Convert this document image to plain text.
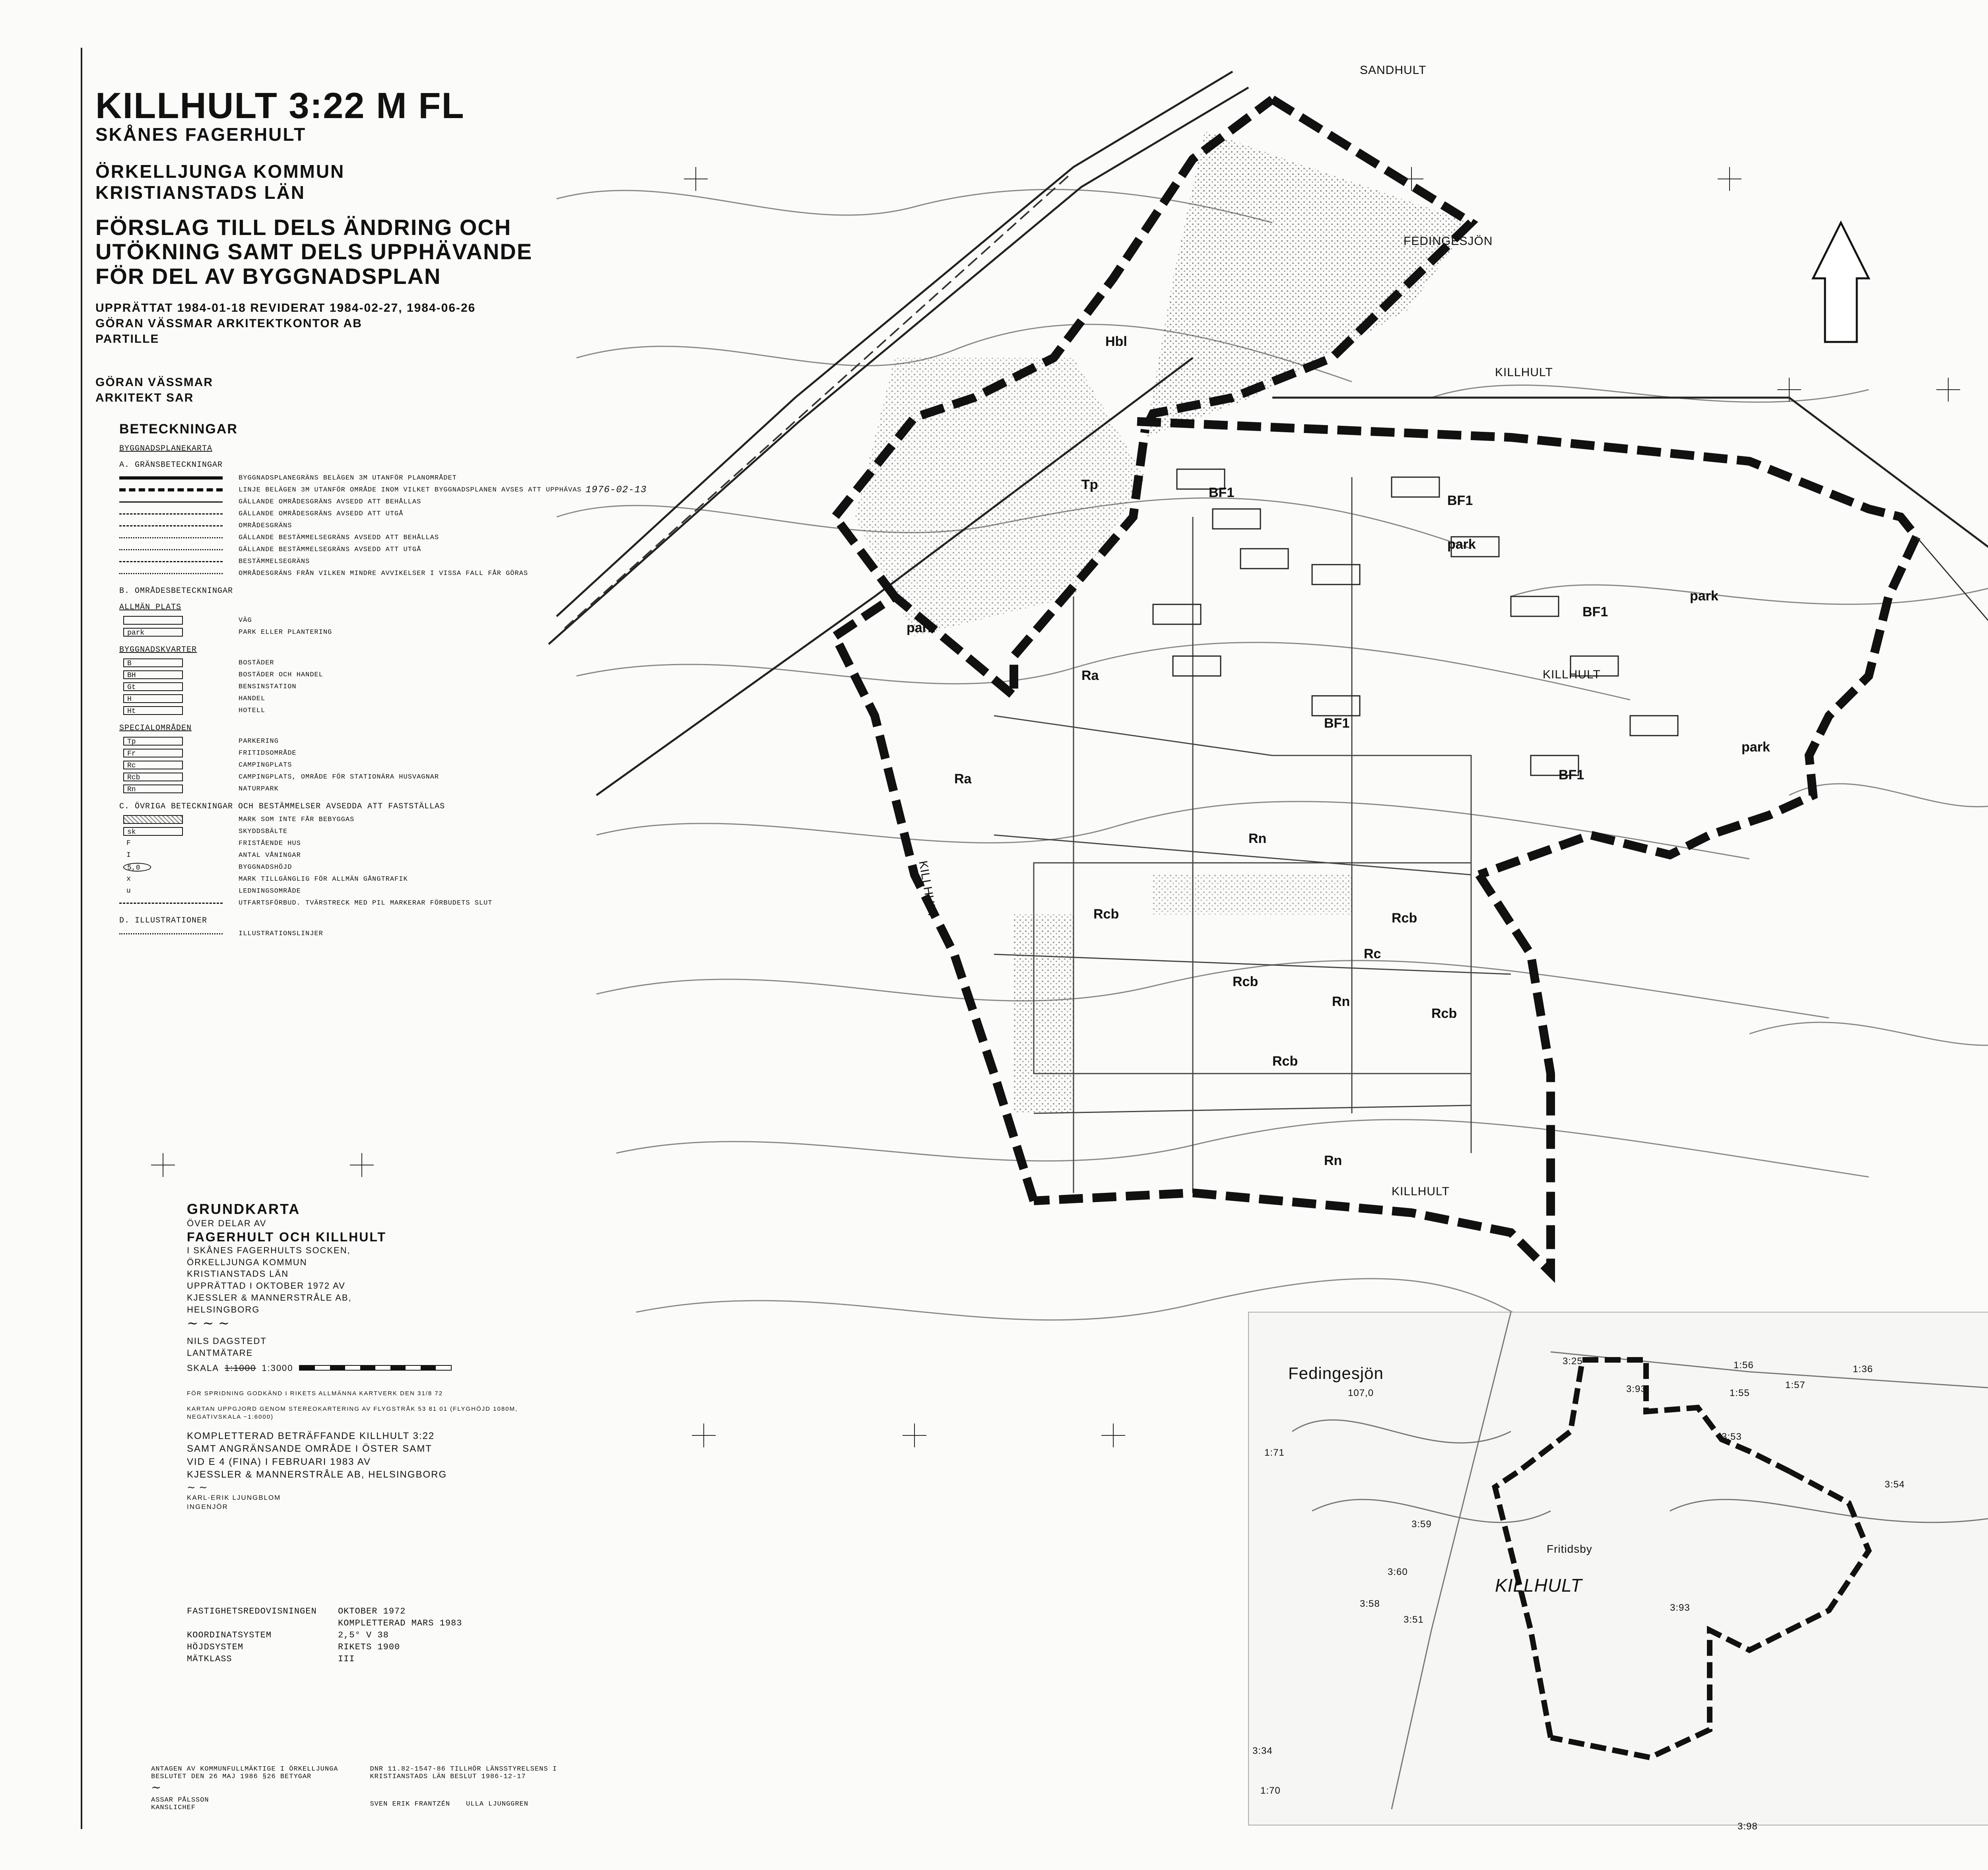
SANDHULT
FEDINGESJÖN
KILLHULT
KILLHULT
KILLHULT
KILLHULT
Ra
Ra
Rn
Rn
Rn
Rcb	Rcb
Rcb
Rcb
Rcb
Rc
Tp
Hbl
BF1
BF1
BF1
BF1
BF1
park
park
park
park
Fedingesjön
107,0
KILLHULT
Fritidsby
1:57
1:56
1:55
1:36
3:25
3:93
3:53
3:54
3:59
3:60
3:58
3:51
3:93
3:34
3:98
1:70
1:71
KILLHULT 3:22 M FL
SKÅNES FAGERHULT
ÖRKELLJUNGA KOMMUN
KRISTIANSTADS LÄN
FÖRSLAG TILL DELS ÄNDRING OCH
UTÖKNING SAMT DELS UPPHÄVANDE
FÖR DEL AV BYGGNADSPLAN
UPPRÄTTAT 1984-01-18 REVIDERAT 1984-02-27, 1984-06-26
GÖRAN VÄSSMAR ARKITEKTKONTOR AB
PARTILLE
GÖRAN VÄSSMAR
ARKITEKT SAR
BETECKNINGAR
BYGGNADSPLANEKARTA
A. GRÄNSBETECKNINGAR
BYGGNADSPLANEGRÄNS BELÄGEN 3M UTANFÖR PLANOMRÅDET
LINJE BELÄGEN 3M UTANFÖR OMRÅDE INOM VILKET BYGGNADSPLANEN AVSES ATT UPPHÄVAS 1976-02-13
GÄLLANDE OMRÅDESGRÄNS AVSEDD ATT BEHÅLLAS
GÄLLANDE OMRÅDESGRÄNS AVSEDD ATT UTGÅ
OMRÅDESGRÄNS
GÄLLANDE BESTÄMMELSEGRÄNS AVSEDD ATT BEHÅLLAS
GÄLLANDE BESTÄMMELSEGRÄNS AVSEDD ATT UTGÅ
BESTÄMMELSEGRÄNS
OMRÅDESGRÄNS FRÅN VILKEN MINDRE AVVIKELSER I VISSA FALL FÅR GÖRAS
B. OMRÅDESBETECKNINGAR
ALLMÄN PLATS
VÄG
park	PARK ELLER PLANTERING
BYGGNADSKVARTER
B	BOSTÄDER
BH	BOSTÄDER OCH HANDEL
Gt	BENSINSTATION
H	HANDEL
Ht	HOTELL
SPECIALOMRÅDEN
Tp	PARKERING
Fr	FRITIDSOMRÅDE
Rc	CAMPINGPLATS
Rcb	CAMPINGPLATS, OMRÅDE FÖR STATIONÄRA HUSVAGNAR
Rn	NATURPARK
C. ÖVRIGA BETECKNINGAR OCH BESTÄMMELSER AVSEDDA ATT FASTSTÄLLAS
MARK SOM INTE FÅR BEBYGGAS
sk	SKYDDSBÄLTE
F	FRISTÅENDE HUS
I	ANTAL VÅNINGAR
5,0	BYGGNADSHÖJD
x	MARK TILLGÄNGLIG FÖR ALLMÄN GÅNGTRAFIK
u	LEDNINGSOMRÅDE
UTFARTSFÖRBUD. TVÄRSTRECK MED PIL MARKERAR FÖRBUDETS SLUT
D. ILLUSTRATIONER
ILLUSTRATIONSLINJER
GRUNDKARTA
ÖVER DELAR AV
FAGERHULT OCH KILLHULT
I SKÅNES FAGERHULTS SOCKEN,
ÖRKELLJUNGA KOMMUN
KRISTIANSTADS LÄN
UPPRÄTTAD I OKTOBER 1972 AV
KJESSLER & MANNERSTRÅLE AB,
HELSINGBORG
~ ~ ~
NILS DAGSTEDT
LANTMÄTARE
SKALA 1:1000 1:3000
FÖR SPRIDNING GODKÄND I RIKETS ALLMÄNNA KARTVERK DEN 31/8 72
KARTAN UPPGJORD GENOM STEREOKARTERING AV FLYGSTRÅK 53 81 01 (FLYGHÖJD 1080M, NEGATIVSKALA ~1:6000)
KOMPLETTERAD BETRÄFFANDE KILLHULT 3:22
SAMT ANGRÄNSANDE OMRÅDE I ÖSTER SAMT
VID E 4 (FINA) I FEBRUARI 1983 AV
KJESSLER & MANNERSTRÅLE AB, HELSINGBORG
~ ~
KARL-ERIK LJUNGBLOM
INGENJÖR
FASTIGHETSREDOVISNINGEN	OKTOBER 1972
KOMPLETTERAD MARS 1983
KOORDINATSYSTEM	2,5° V 38
HÖJDSYSTEM	RIKETS 1900
MÄTKLASS	III
ANTAGEN AV KOMMUNFULLMÄKTIGE I ÖRKELLJUNGA
BESLUTET DEN 26 MAJ 1986 §26 BETYGAR
~
ASSAR PÅLSSON
KANSLICHEF
DNR 11.82-1547-86 TILLHÖR LÄNSSTYRELSENS I
KRISTIANSTADS LÄN BESLUT 1986-12-17
SVEN ERIK FRANTZÉN ULLA LJUNGGREN
